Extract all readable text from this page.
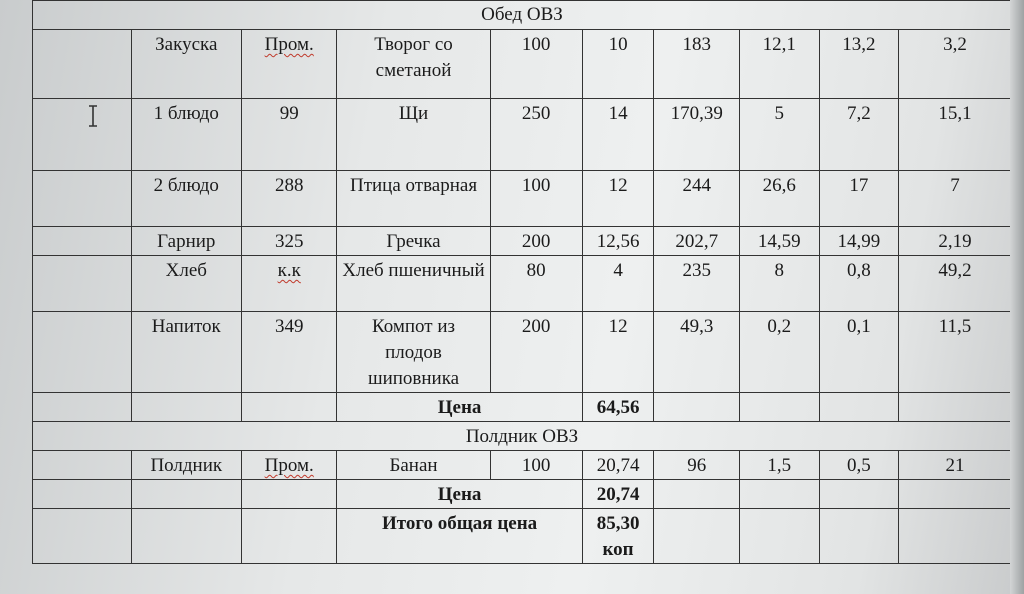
Обед ОВЗ									
	Закуска	Пром.	Творог со сметаной	100	10	183	12,1	13,2	3,2
	1 блюдо	99	Щи	250	14	170,39	5	7,2	15,1
	2 блюдо	288	Птица отварная	100	12	244	26,6	17	7
	Гарнир	325	Гречка	200	12,56	202,7	14,59	14,99	2,19
	Хлеб	к.к	Хлеб пшеничный	80	4	235	8	0,8	49,2
	Напиток	349	Компот из плодов шиповника	200	12	49,3	0,2	0,1	11,5
			Цена		64,56				
Полдник ОВЗ									
	Полдник	Пром.	Банан	100	20,74	96	1,5	0,5	21
			Цена		20,74				
			Итого общая цена		85,30 коп				
